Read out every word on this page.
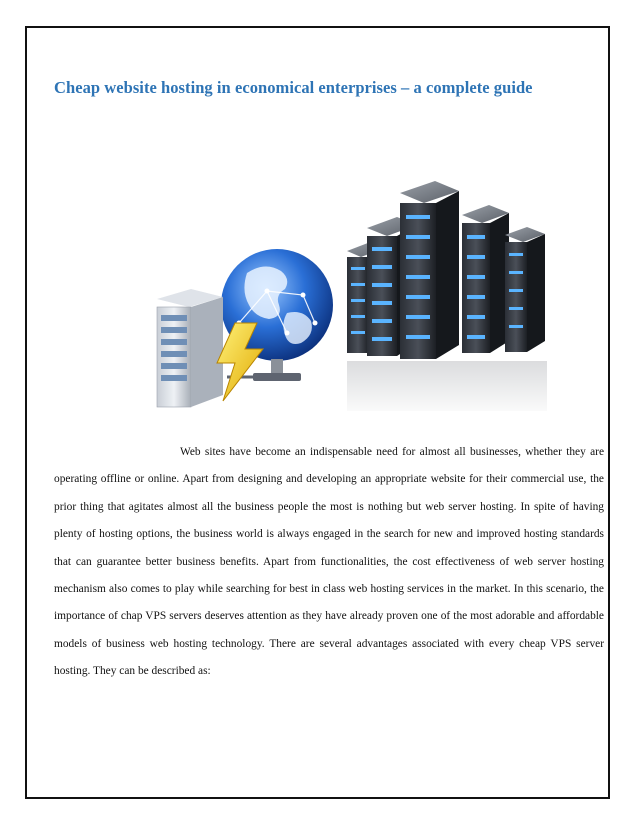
Cheap website hosting in economical enterprises – a complete guide

Web sites have become an indispensable need for almost all businesses, whether they are operating offline or online. Apart from designing and developing an appropriate website for their commercial use, the prior thing that agitates almost all the business people the most is nothing but web server hosting. In spite of having plenty of hosting options, the business world is always engaged in the search for new and improved hosting standards that can guarantee better business benefits. Apart from functionalities, the cost effectiveness of web server hosting mechanism also comes to play while searching for best in class web hosting services in the market. In this scenario, the importance of chap VPS servers deserves attention as they have already proven one of the most adorable and affordable models of business web hosting technology. There are several advantages associated with every cheap VPS server hosting. They can be described as:
